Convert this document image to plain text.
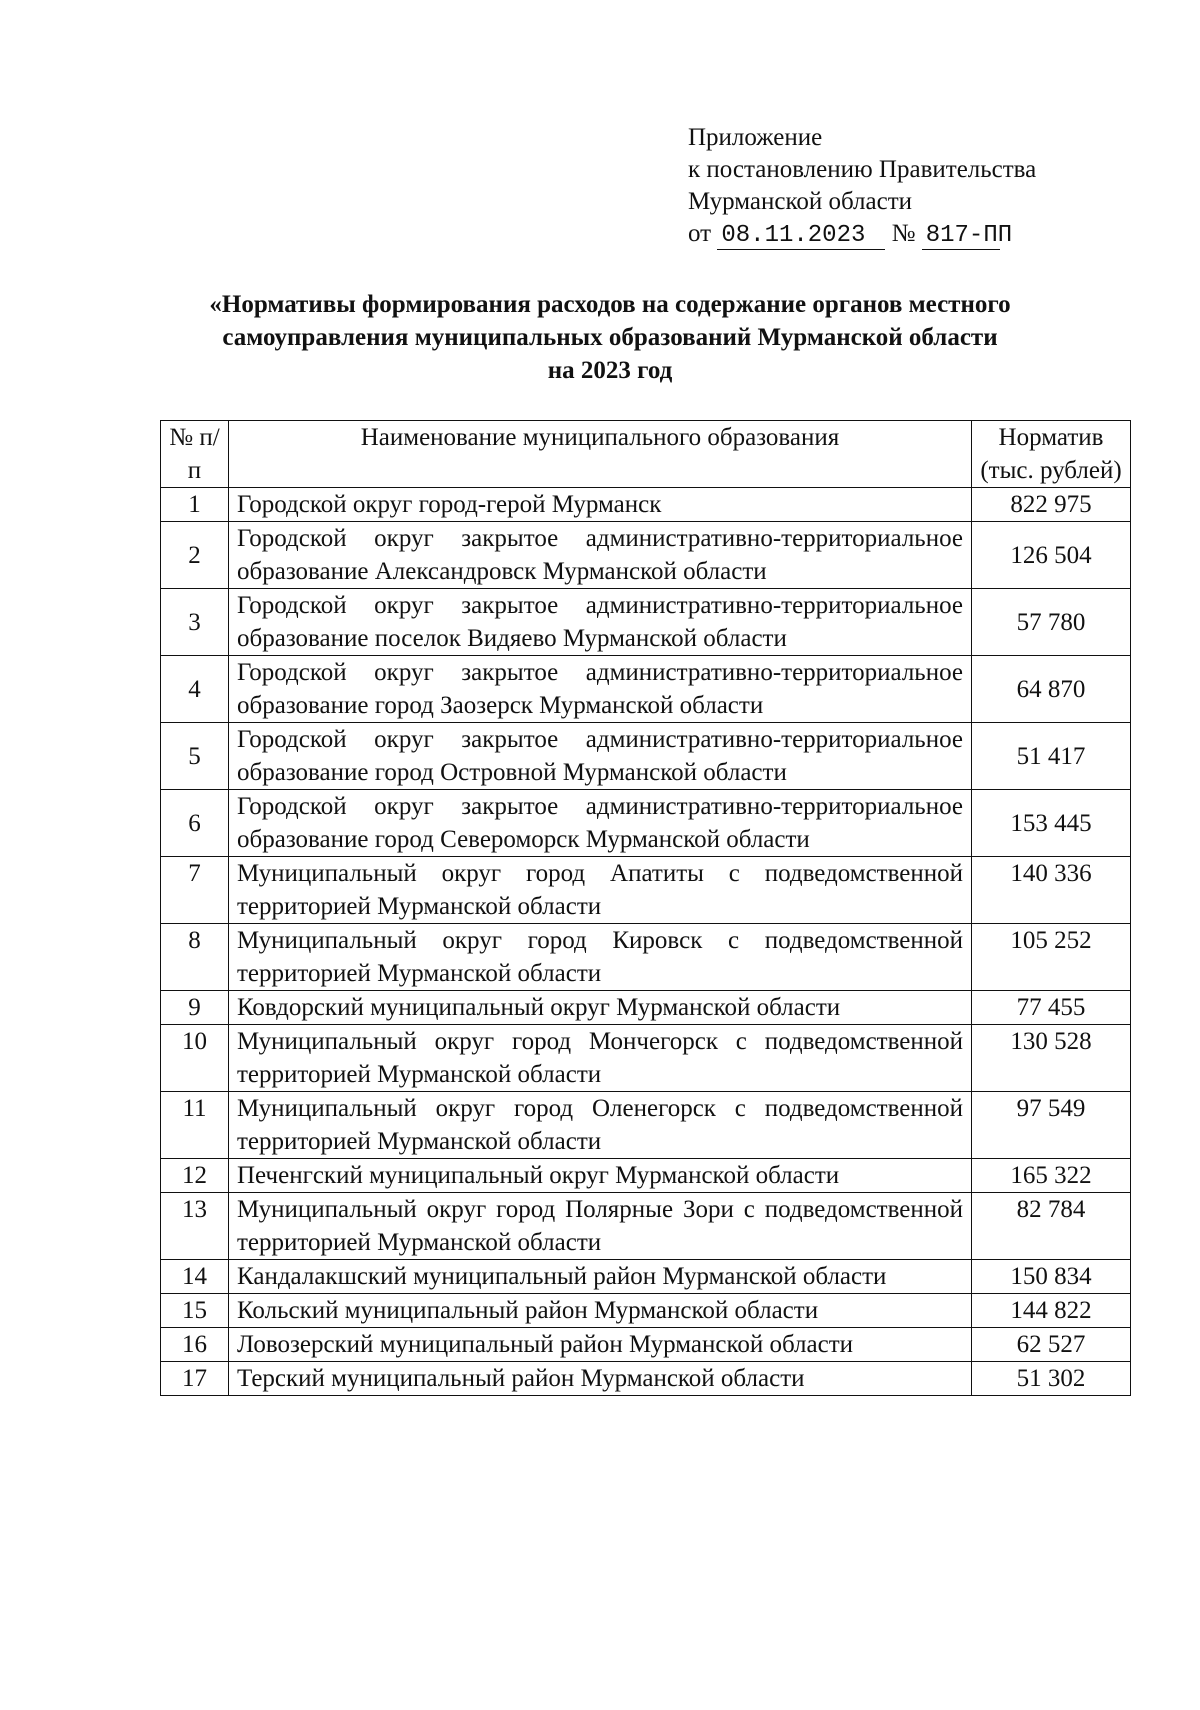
Приложение
к постановлению Правительства
Мурманской области
от 08.11.2023 № 817-ПП
«Нормативы формирования расходов на содержание органов местного
самоуправления муниципальных образований Мурманской области
на 2023 год
№ п/п	Наименование муниципального образования	Норматив (тыс. рублей)
1	Городской округ город-герой Мурманск	822 975
2	Городской округ закрытое административно-территориальное образование Александровск Мурманской области	126 504
3	Городской округ закрытое административно-территориальное образование поселок Видяево Мурманской области	57 780
4	Городской округ закрытое административно-территориальное образование город Заозерск Мурманской области	64 870
5	Городской округ закрытое административно-территориальное образование город Островной Мурманской области	51 417
6	Городской округ закрытое административно-территориальное образование город Североморск Мурманской области	153 445
7	Муниципальный округ город Апатиты с подведомственной территорией Мурманской области	140 336
8	Муниципальный округ город Кировск с подведомственной территорией Мурманской области	105 252
9	Ковдорский муниципальный округ Мурманской области	77 455
10	Муниципальный округ город Мончегорск с подведомственной территорией Мурманской области	130 528
11	Муниципальный округ город Оленегорск с подведомственной территорией Мурманской области	97 549
12	Печенгский муниципальный округ Мурманской области	165 322
13	Муниципальный округ город Полярные Зори с подведомственной территорией Мурманской области	82 784
14	Кандалакшский муниципальный район Мурманской области	150 834
15	Кольский муниципальный район Мурманской области	144 822
16	Ловозерский муниципальный район Мурманской области	62 527
17	Терский муниципальный район Мурманской области	51 302
